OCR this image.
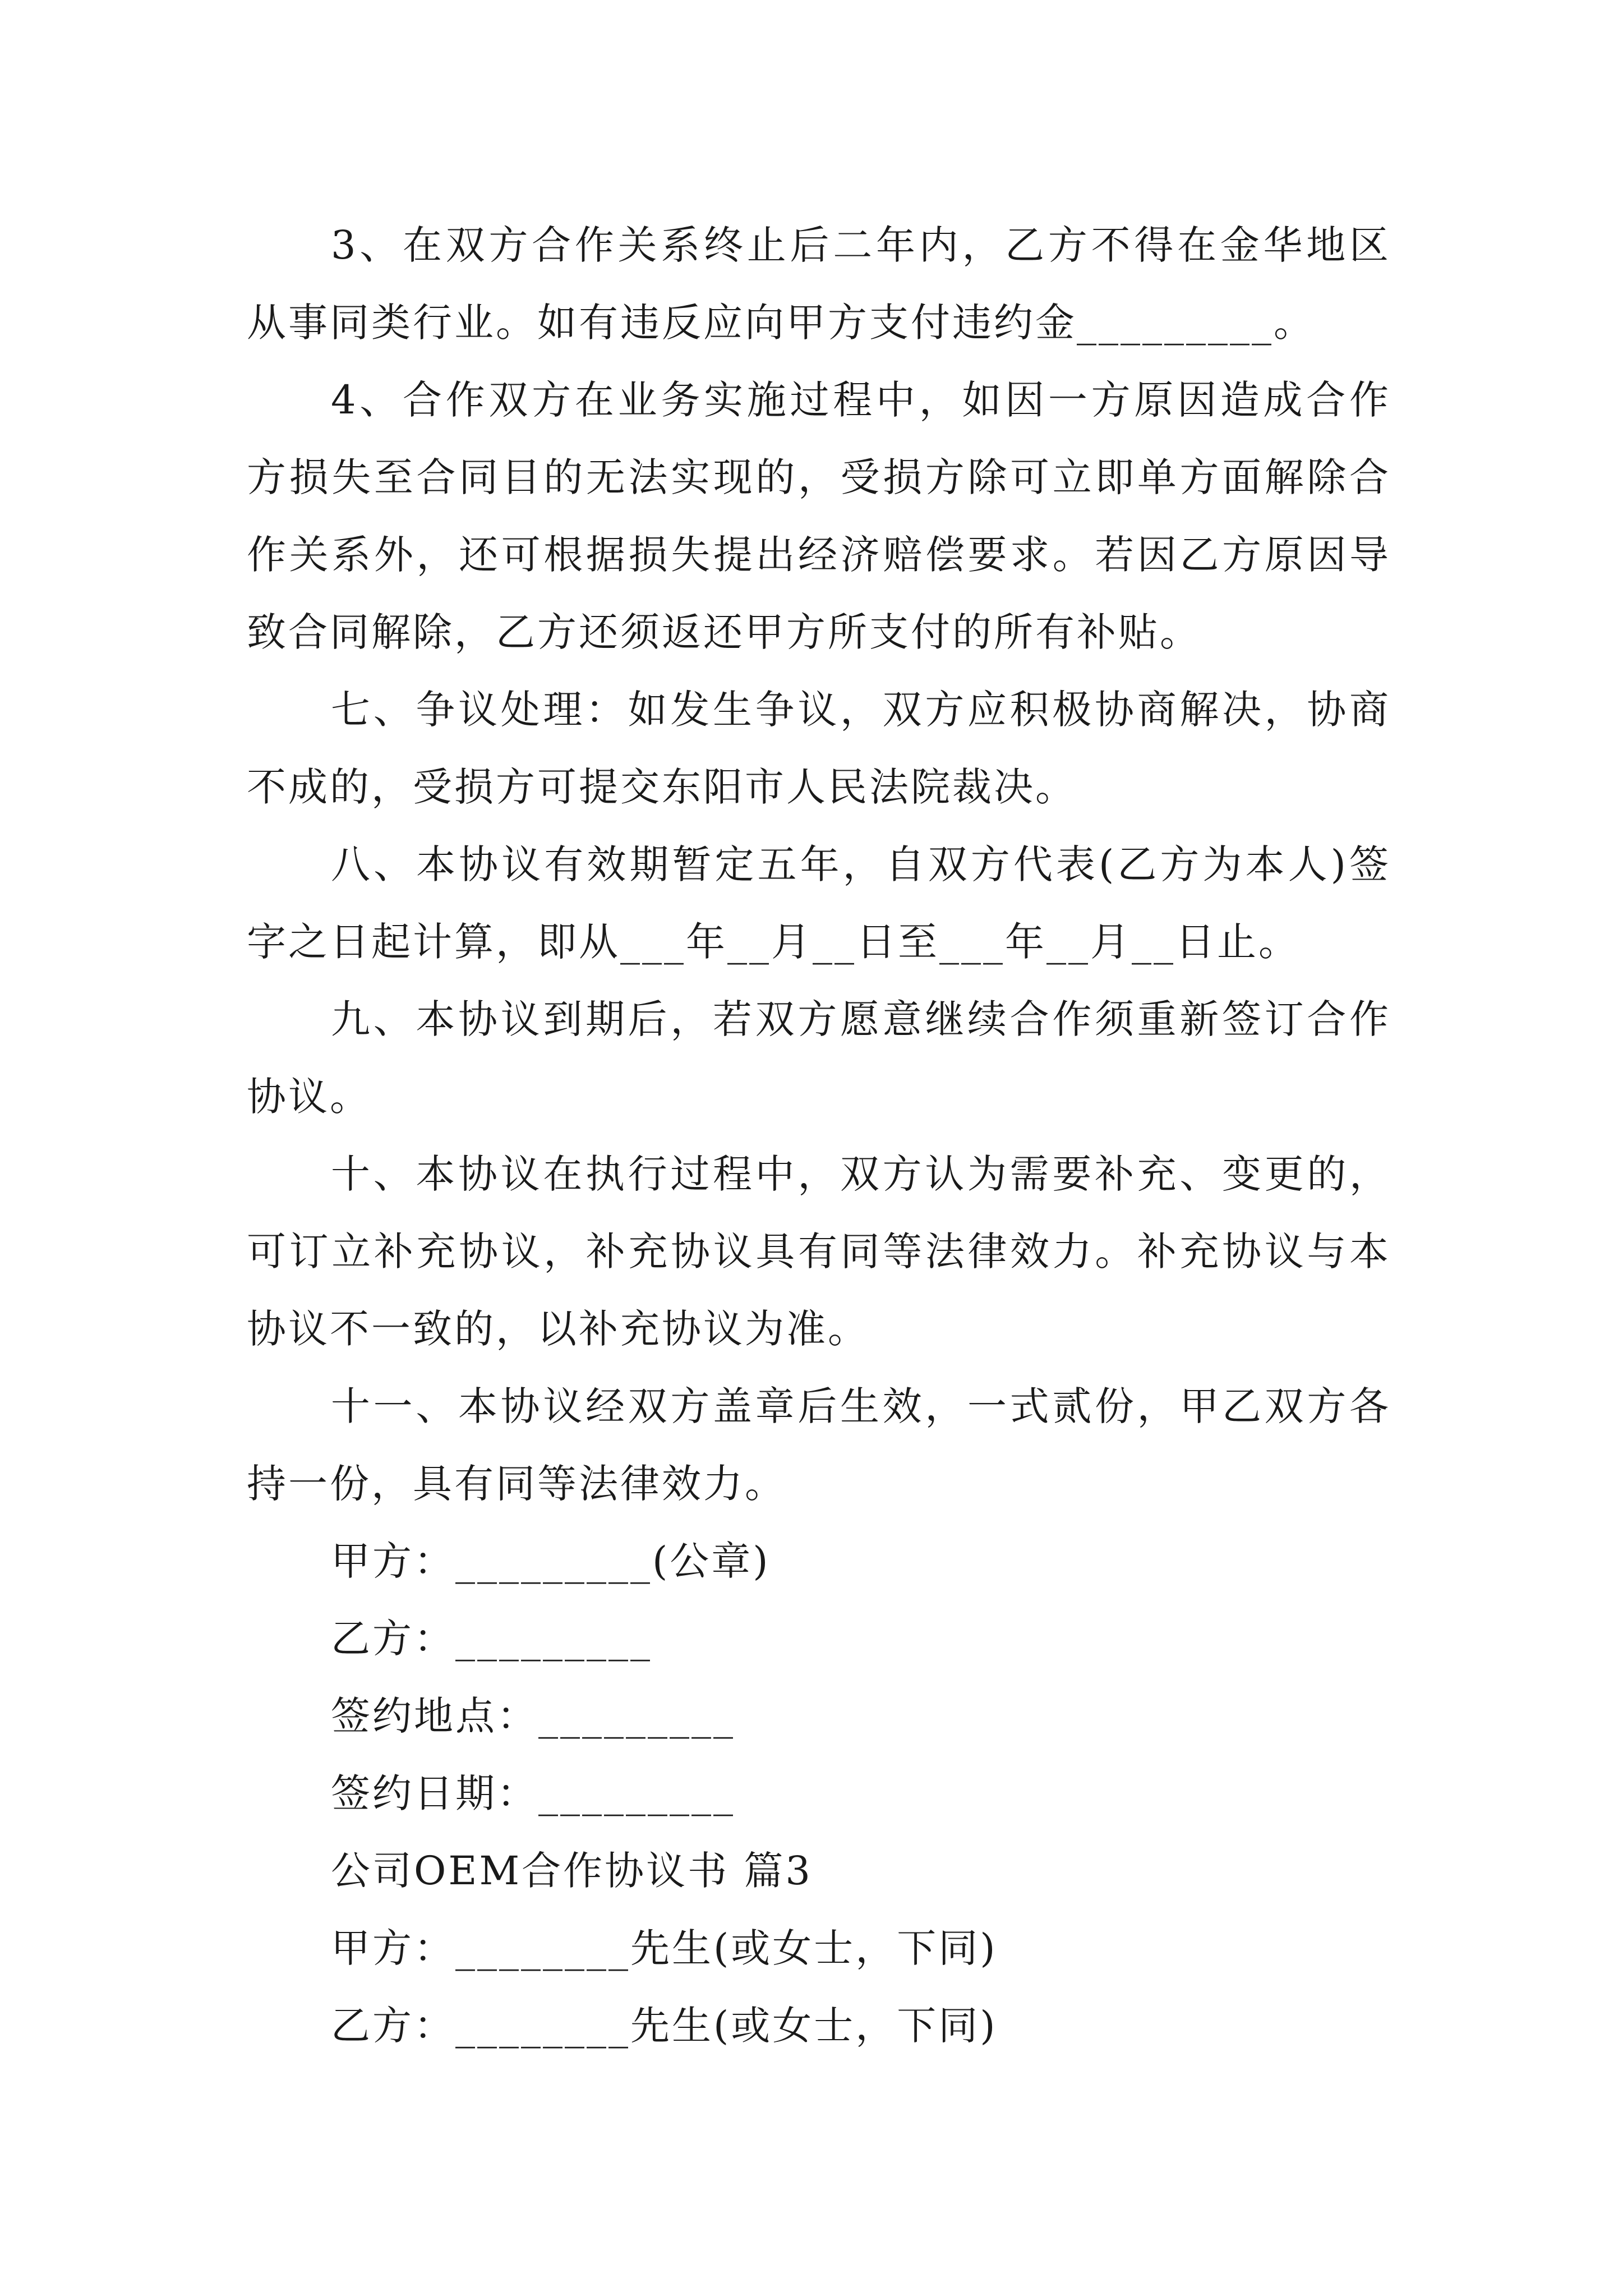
3、在双方合作关系终止后二年内，乙方不得在金华地区从事同类行业。如有违反应向甲方支付违约金_________。

4、合作双方在业务实施过程中，如因一方原因造成合作方损失至合同目的无法实现的，受损方除可立即单方面解除合作关系外，还可根据损失提出经济赔偿要求。若因乙方原因导致合同解除，乙方还须返还甲方所支付的所有补贴。

七、争议处理：如发生争议，双方应积极协商解决，协商不成的，受损方可提交东阳市人民法院裁决。

八、本协议有效期暂定五年，自双方代表(乙方为本人)签字之日起计算，即从___年__月__日至___年__月__日止。

九、本协议到期后，若双方愿意继续合作须重新签订合作协议。

十、本协议在执行过程中，双方认为需要补充、变更的，可订立补充协议，补充协议具有同等法律效力。补充协议与本协议不一致的，以补充协议为准。

十一、本协议经双方盖章后生效，一式贰份，甲乙双方各持一份，具有同等法律效力。

甲方：_________(公章)

乙方：_________

签约地点：_________

签约日期：_________

公司OEM合作协议书 篇3

甲方：________先生(或女士，下同)

乙方：________先生(或女士，下同)
